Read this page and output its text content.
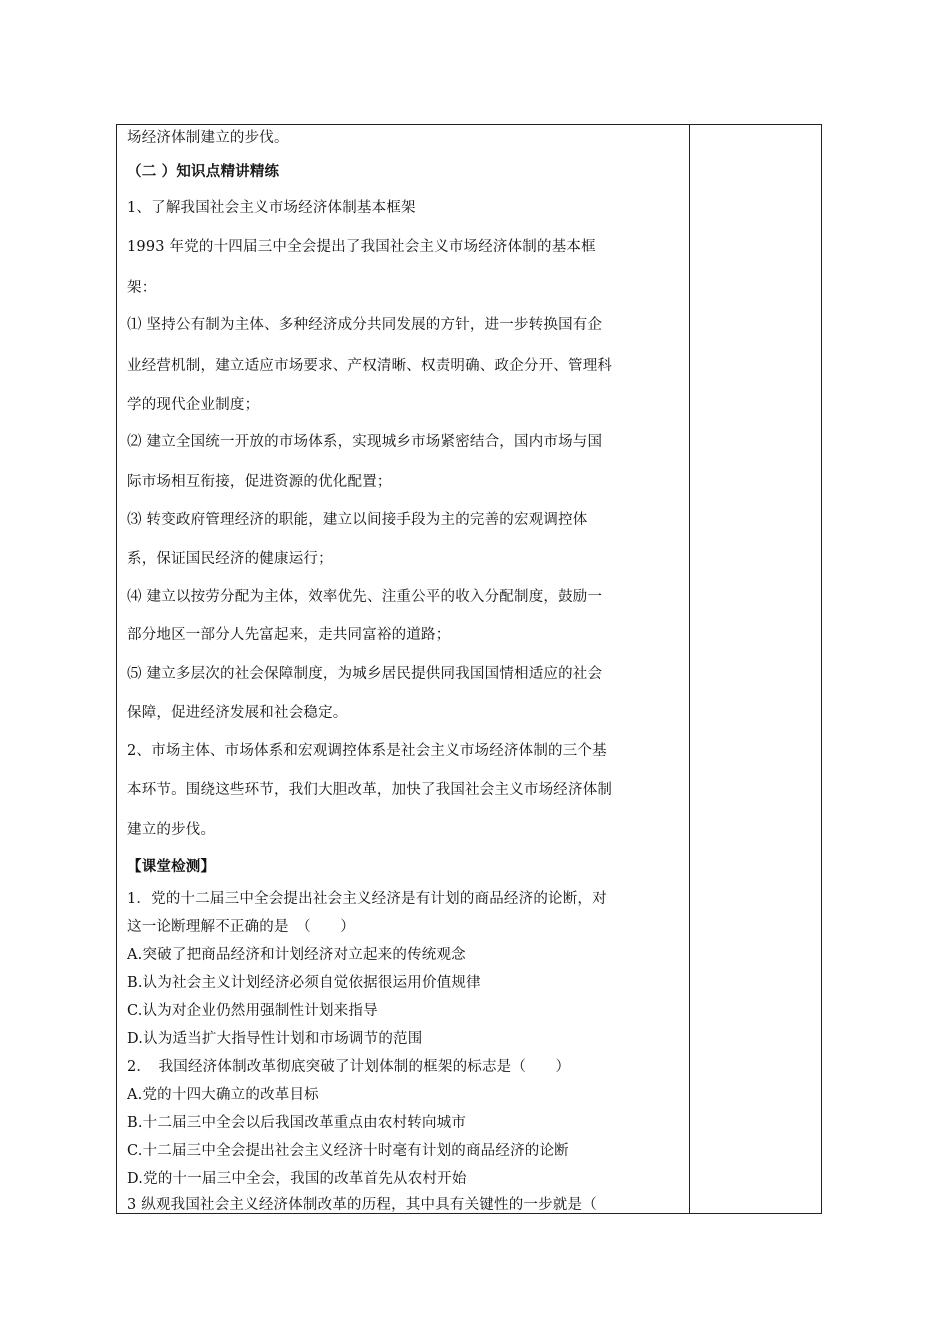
场经济体制建立的步伐。
（二 ）知识点精讲精练
1、了解我国社会主义市场经济体制基本框架
1993 年党的十四届三中全会提出了我国社会主义市场经济体制的基本框
架：
⑴ 坚持公有制为主体、多种经济成分共同发展的方针，进一步转换国有企
业经营机制，建立适应市场要求、产权清晰、权责明确、政企分开、管理科
学的现代企业制度；
⑵ 建立全国统一开放的市场体系，实现城乡市场紧密结合，国内市场与国
际市场相互衔接，促进资源的优化配置；
⑶ 转变政府管理经济的职能，建立以间接手段为主的完善的宏观调控体
系，保证国民经济的健康运行；
⑷ 建立以按劳分配为主体，效率优先、注重公平的收入分配制度，鼓励一
部分地区一部分人先富起来，走共同富裕的道路；
⑸ 建立多层次的社会保障制度，为城乡居民提供同我国国情相适应的社会
保障，促进经济发展和社会稳定。
2、市场主体、市场体系和宏观调控体系是社会主义市场经济体制的三个基
本环节。围绕这些环节，我们大胆改革，加快了我国社会主义市场经济体制
建立的步伐。
【课堂检测】
1．党的十二届三中全会提出社会主义经济是有计划的商品经济的论断，对
这一论断理解不正确的是　（　　）
A.突破了把商品经济和计划经济对立起来的传统观念
B.认为社会主义计划经济必须自觉依据很运用价值规律
C.认为对企业仍然用强制性计划来指导
D.认为适当扩大指导性计划和市场调节的范围
2．　我国经济体制改革彻底突破了计划体制的框架的标志是（　　）
A.党的十四大确立的改革目标
B.十二届三中全会以后我国改革重点由农村转向城市
C.十二届三中全会提出社会主义经济十时毫有计划的商品经济的论断
D.党的十一届三中全会，我国的改革首先从农村开始
3 纵观我国社会主义经济体制改革的历程，其中具有关键性的一步就是（
